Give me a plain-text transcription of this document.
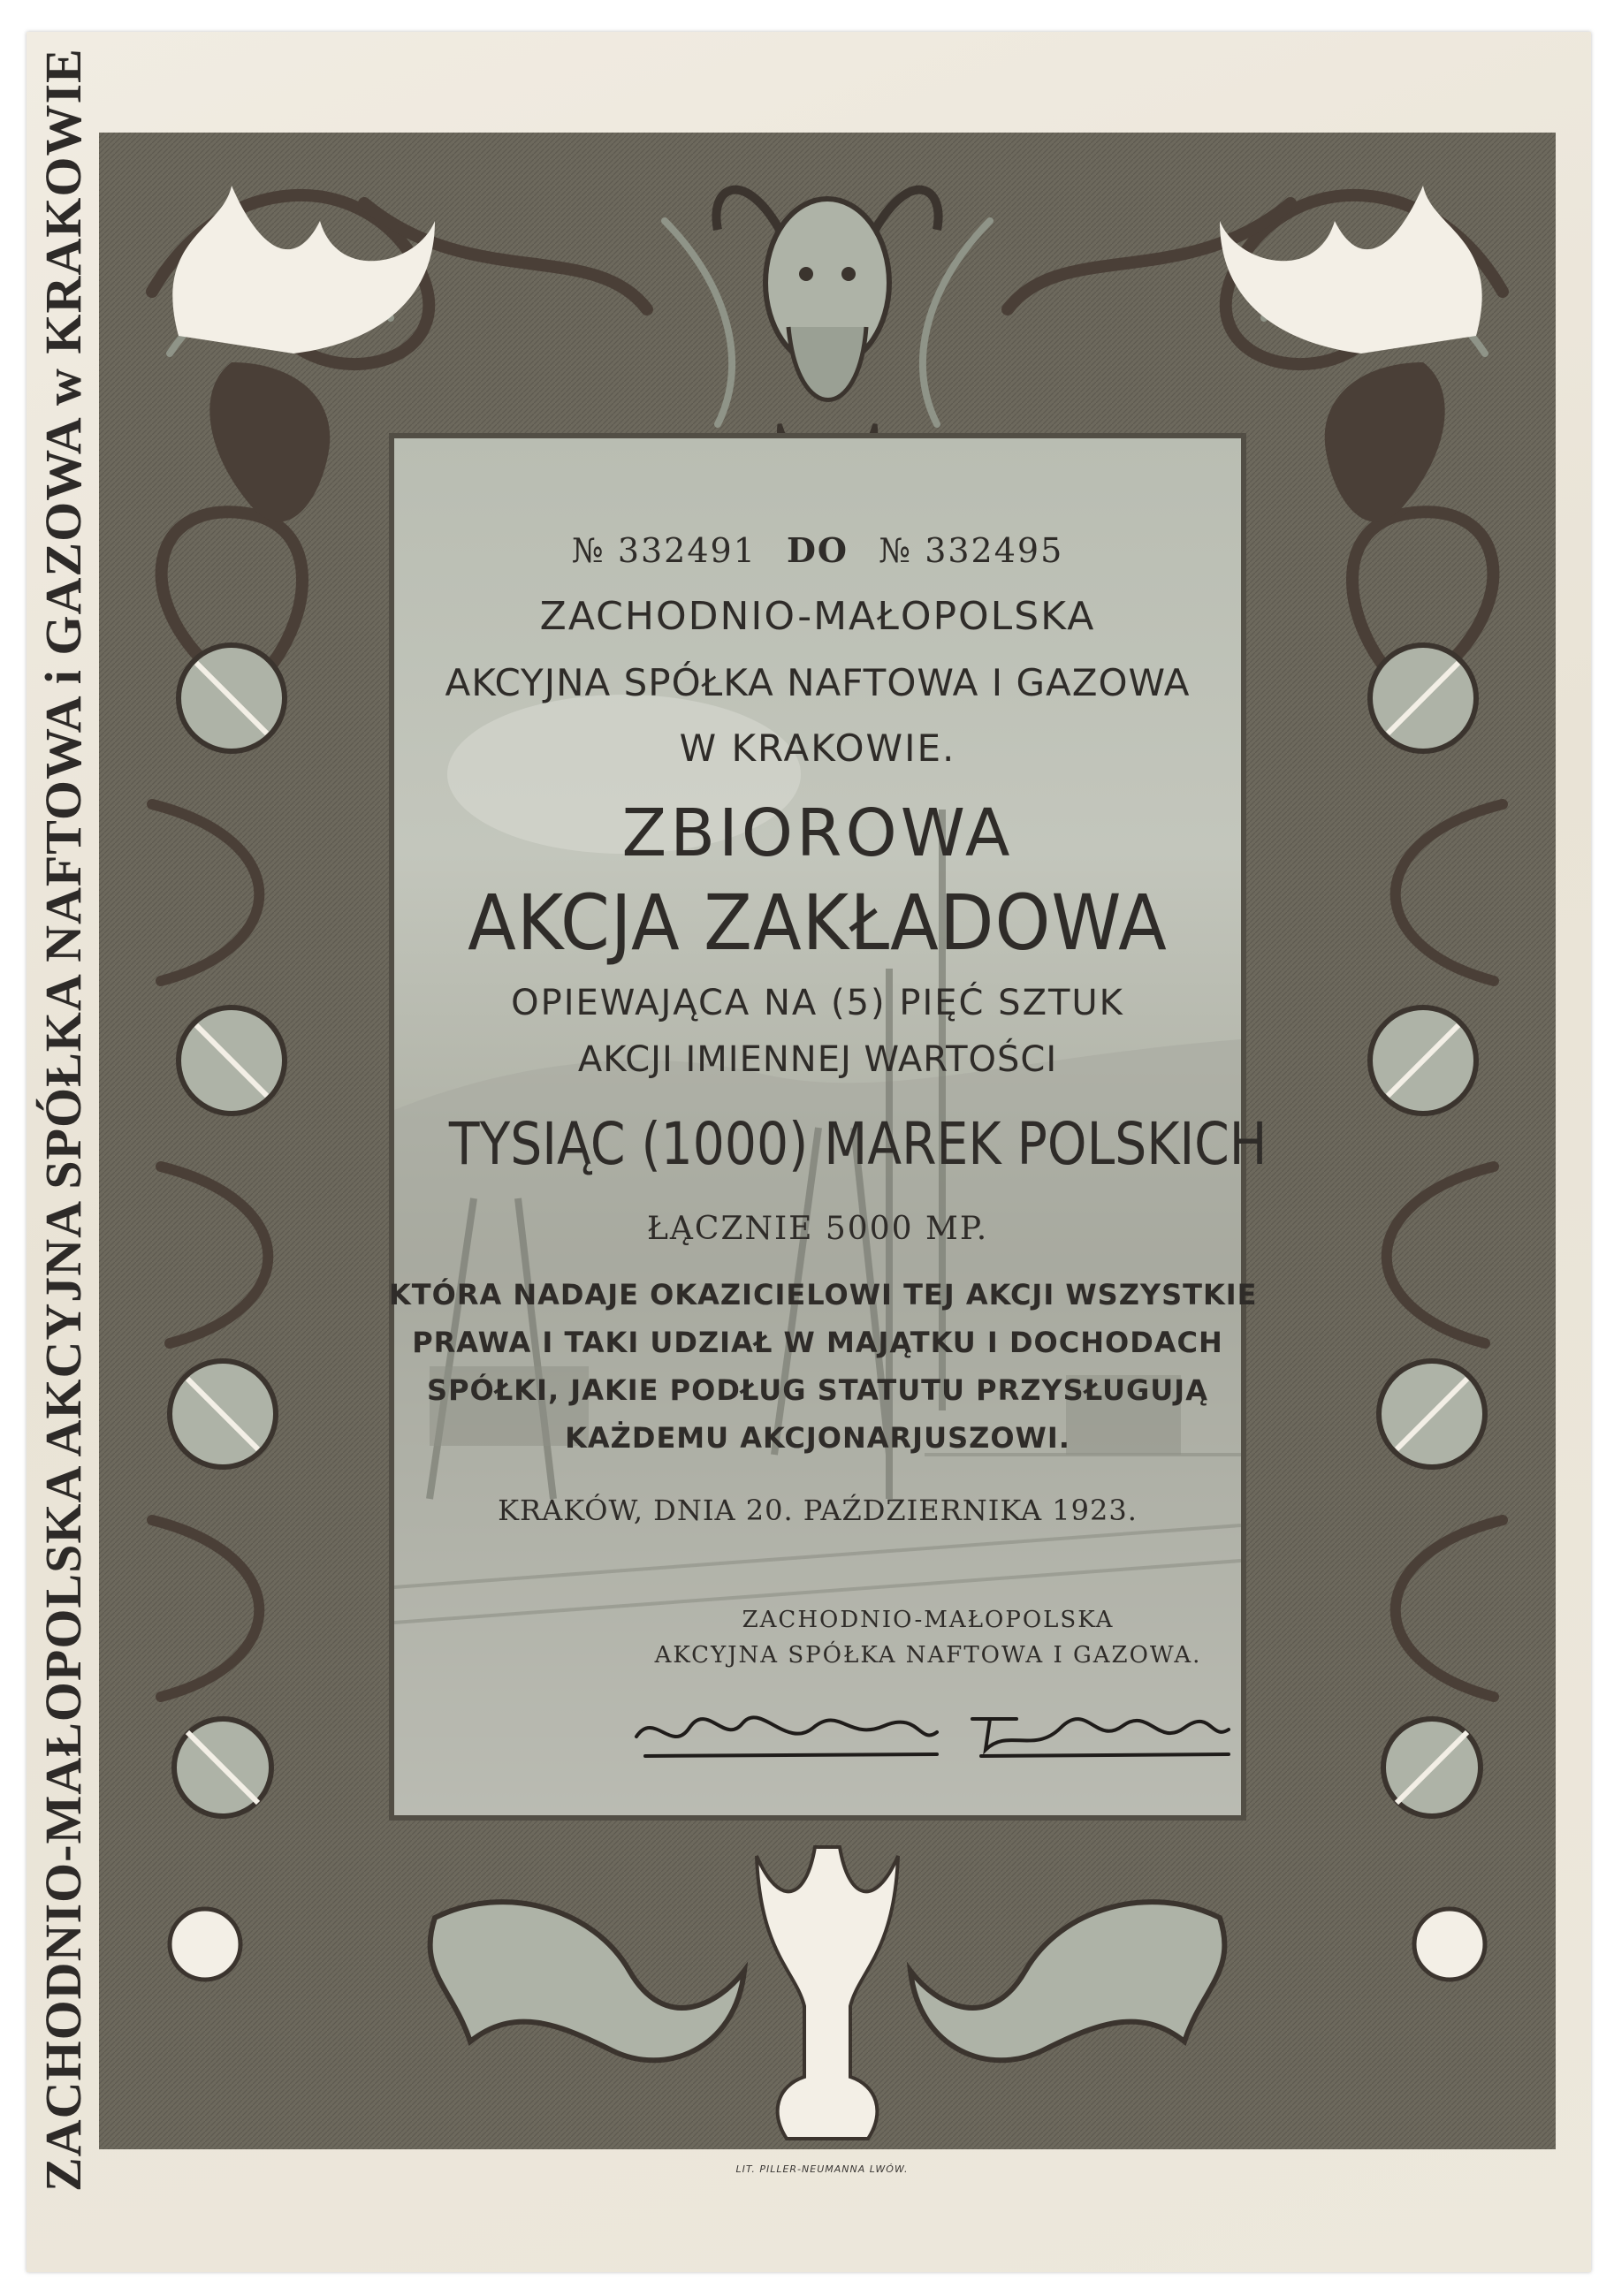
ZACHODNIO-MAŁOPOLSKA AKCYJNA SPÓŁKA NAFTOWA i GAZOWA w KRAKOWIE	№ 332491 DO № 332495
ZACHODNIO-MAŁOPOLSKA
AKCYJNA SPÓŁKA NAFTOWA I GAZOWA
W KRAKOWIE.
ZBIOROWA
AKCJA ZAKŁADOWA
OPIEWAJĄCA NA (5) PIĘĆ SZTUK
AKCJI IMIENNEJ WARTOŚCI
TYSIĄC (1000) MAREK POLSKICH
ŁĄCZNIE 5000 MP.
KTÓRA NADAJE OKAZICIELOWI TEJ AKCJI WSZYSTKIE
PRAWA I TAKI UDZIAŁ W MAJĄTKU I DOCHODACH
SPÓŁKI, JAKIE PODŁUG STATUTU PRZYSŁUGUJĄ
KAŻDEMU AKCJONARJUSZOWI.
KRAKÓW, DNIA 20. PAŹDZIERNIKA 1923.
ZACHODNIO-MAŁOPOLSKA
AKCYJNA SPÓŁKA NAFTOWA I GAZOWA.
LIT. PILLER-NEUMANNA LWÓW.
